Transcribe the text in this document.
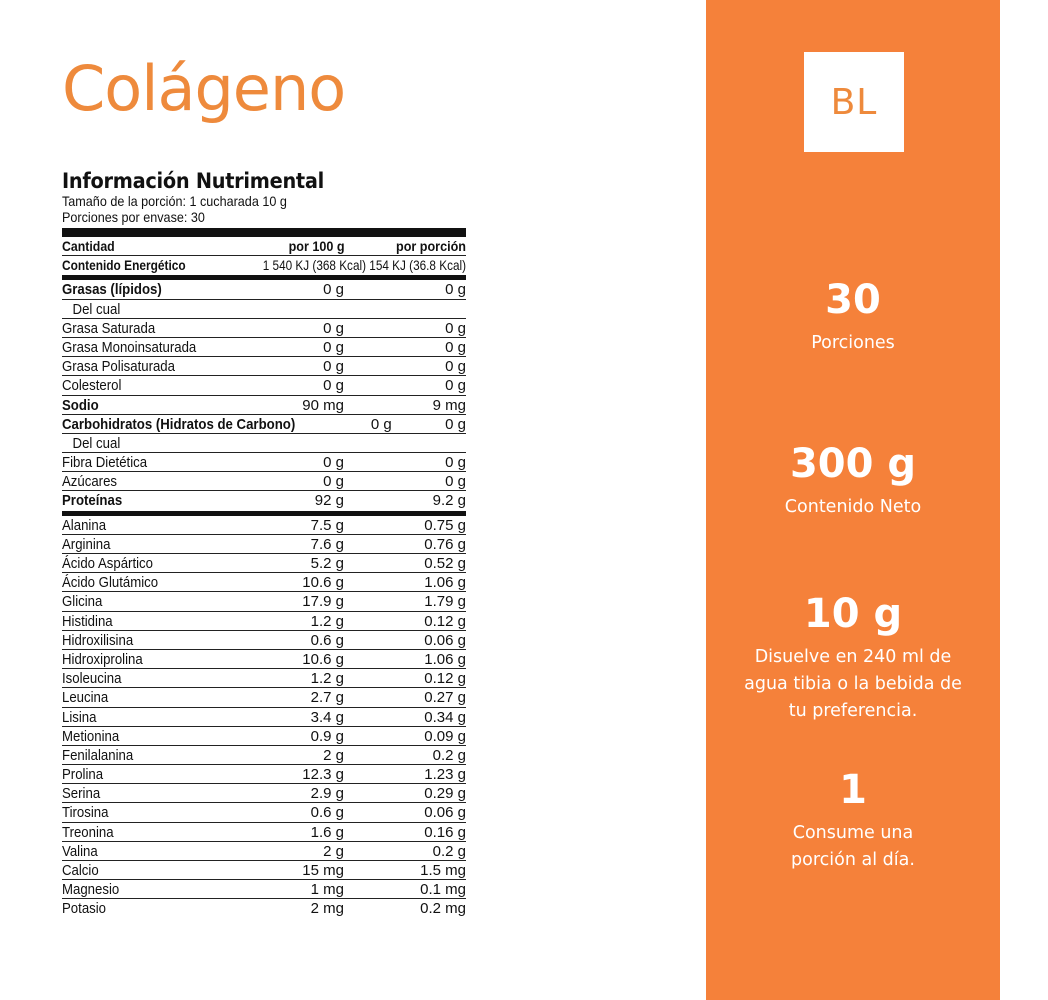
Colágeno
Información Nutrimental
Tamaño de la porción: 1 cucharada 10 g
Porciones por envase: 30
Cantidad	por 100 g	por porción
Contenido Energético	1 540 KJ (368 Kcal) 154 KJ (36.8 Kcal)
Grasas (lípidos)	0 g	0 g
Del cual
Grasa Saturada	0 g	0 g
Grasa Monoinsaturada	0 g	0 g
Grasa Polisaturada	0 g	0 g
Colesterol	0 g	0 g
Sodio	90 mg	9 mg
Carbohidratos (Hidratos de Carbono)	0 g	0 g
Del cual
Fibra Dietética	0 g	0 g
Azúcares	0 g	0 g
Proteínas	92 g	9.2 g
Alanina	7.5 g	0.75 g
Arginina	7.6 g	0.76 g
Ácido Aspártico	5.2 g	0.52 g
Ácido Glutámico	10.6 g	1.06 g
Glicina	17.9 g	1.79 g
Histidina	1.2 g	0.12 g
Hidroxilisina	0.6 g	0.06 g
Hidroxiprolina	10.6 g	1.06 g
Isoleucina	1.2 g	0.12 g
Leucina	2.7 g	0.27 g
Lisina	3.4 g	0.34 g
Metionina	0.9 g	0.09 g
Fenilalanina	2 g	0.2 g
Prolina	12.3 g	1.23 g
Serina	2.9 g	0.29 g
Tirosina	0.6 g	0.06 g
Treonina	1.6 g	0.16 g
Valina	2 g	0.2 g
Calcio	15 mg	1.5 mg
Magnesio	1 mg	0.1 mg
Potasio	2 mg	0.2 mg
BL
30
Porciones
300 g
Contenido Neto
10 g
Disuelve en 240 ml de agua tibia o la bebida de tu preferencia.
1
Consume una porción al día.
